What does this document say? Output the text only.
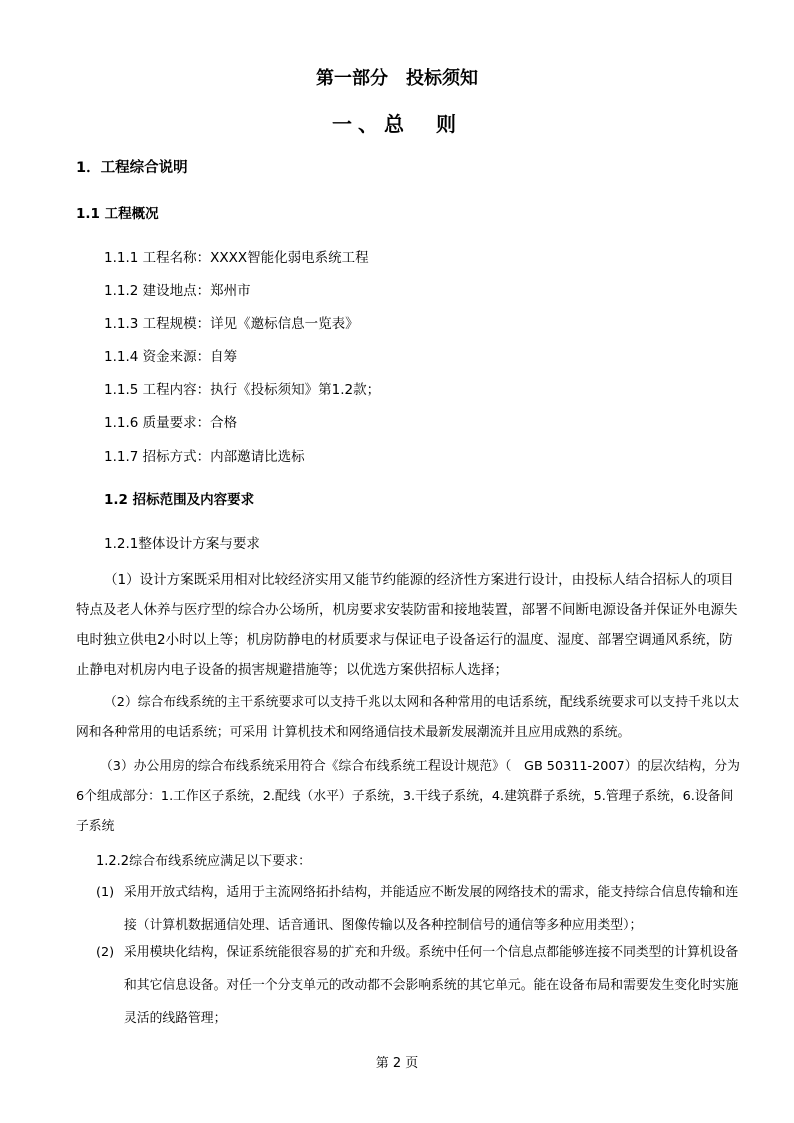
第一部分　投标须知
一、总　则
1．工程综合说明
1.1 工程概况
1.1.1 工程名称：XXXX智能化弱电系统工程
1.1.2 建设地点：郑州市
1.1.3 工程规模：详见《邀标信息一览表》
1.1.4 资金来源：自筹
1.1.5 工程内容：执行《投标须知》第1.2款；
1.1.6 质量要求：合格
1.1.7 招标方式：内部邀请比选标
1.2 招标范围及内容要求
1.2.1整体设计方案与要求
（1）设计方案既采用相对比较经济实用又能节约能源的经济性方案进行设计，由投标人结合招标人的项目特点及老人休养与医疗型的综合办公场所，机房要求安装防雷和接地装置，部署不间断电源设备并保证外电源失电时独立供电2小时以上等；机房防静电的材质要求与保证电子设备运行的温度、湿度、部署空调通风系统，防止静电对机房内电子设备的损害规避措施等；以优选方案供招标人选择；
（2）综合布线系统的主干系统要求可以支持千兆以太网和各种常用的电话系统，配线系统要求可以支持千兆以太网和各种常用的电话系统；可采用 计算机技术和网络通信技术最新发展潮流并且应用成熟的系统。
（3）办公用房的综合布线系统采用符合《综合布线系统工程设计规范》（　GB 50311-2007）的层次结构，分为6个组成部分：1.工作区子系统，2.配线（水平）子系统，3.干线子系统，4.建筑群子系统，5.管理子系统，6.设备间子系统
1.2.2综合布线系统应满足以下要求：
(1) 采用开放式结构，适用于主流网络拓扑结构，并能适应不断发展的网络技术的需求，能支持综合信息传输和连接（计算机数据通信处理、话音通讯、图像传输以及各种控制信号的通信等多种应用类型）；
(2) 采用模块化结构，保证系统能很容易的扩充和升级。系统中任何一个信息点都能够连接不同类型的计算机设备和其它信息设备。对任一个分支单元的改动都不会影响系统的其它单元。能在设备布局和需要发生变化时实施灵活的线路管理；
第 2 页
